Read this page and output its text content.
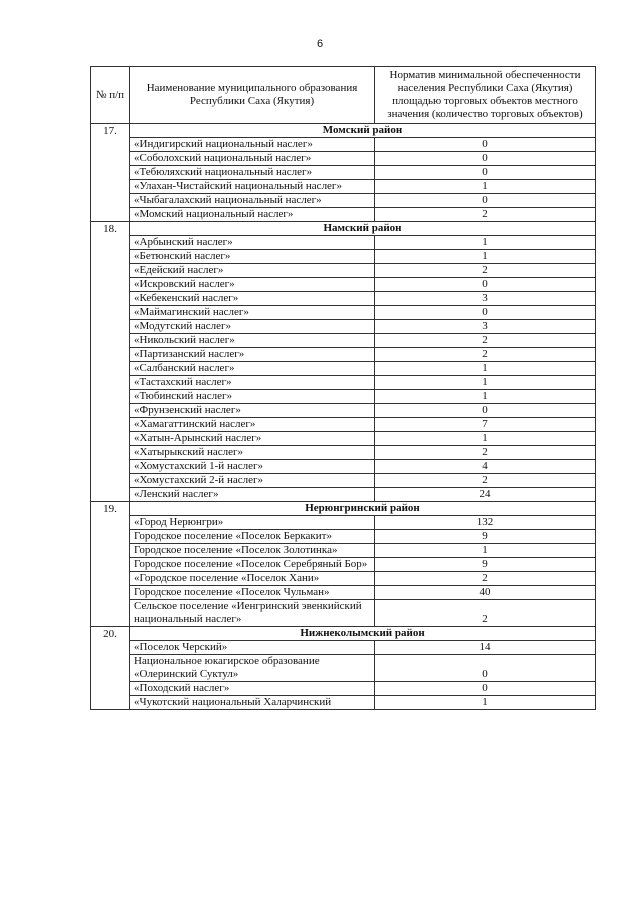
6
№ п/п	Наименование муниципального образования Республики Саха (Якутия)	Норматив минимальной обеспеченности населения Республики Саха (Якутия) площадью торговых объектов местного значения (количество торговых объектов)
17.	Момский район	
	«Индигирский национальный наслег»	0
	«Соболохский национальный наслег»	0
	«Тебюляхский национальный наслег»	0
	«Улахан-Чистайский национальный наслег»	1
	«Чыбагалахский национальный наслег»	0
	«Момский национальный наслег»	2
18.	Намский район	
	«Арбынский наслег»	1
	«Бетюнский наслег»	1
	«Едейский наслег»	2
	«Искровский наслег»	0
	«Кебекенский наслег»	3
	«Маймагинский наслег»	0
	«Модутский наслег»	3
	«Никольский наслег»	2
	«Партизанский наслег»	2
	«Салбанский наслег»	1
	«Тастахский наслег»	1
	«Тюбинский наслег»	1
	«Фрунзенский наслег»	0
	«Хамагаттинский наслег»	7
	«Хатын-Арынский наслег»	1
	«Хатырыкский наслег»	2
	«Хомустахский 1-й наслег»	4
	«Хомустахский 2-й наслег»	2
	«Ленский наслег»	24
19.	Нерюнгринский район	
	«Город Нерюнгри»	132
	Городское поселение «Поселок Беркакит»	9
	Городское поселение «Поселок Золотинка»	1
	Городское поселение «Поселок Серебряный Бор»	9
	«Городское поселение «Поселок Хани»	2
	Городское поселение «Поселок Чульман»	40
	Сельское поселение «Иенгринский эвенкийский национальный наслег»	2
20.	Нижнеколымский район	
	«Поселок Черский»	14
	Национальное юкагирское образование «Олеринский Суктул»	0
	«Походский наслег»	0
	«Чукотский национальный Халарчинский	1
